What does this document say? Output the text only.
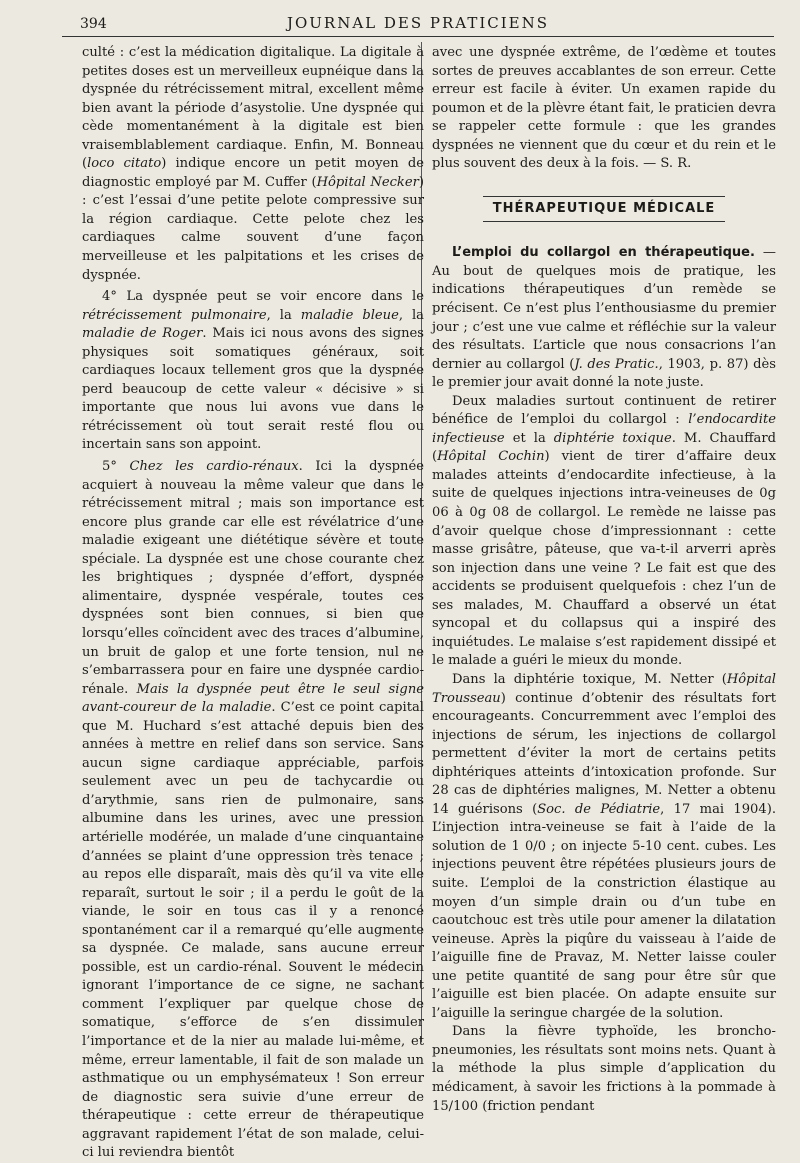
394	JOURNAL DES PRATICIENS

culté : c’est la médication digitalique. La digitale à petites doses est un merveilleux eupnéique dans la dyspnée du rétrécissement mitral, excellent même bien avant la période d’asystolie. Une dyspnée qui cède momentanément à la digitale est bien vraisemblablement cardiaque. Enfin, M. Bonneau (loco citato) indique encore un petit moyen de diagnostic employé par M. Cuffer (Hôpital Necker) : c’est l’essai d’une petite pelote compressive sur la région cardiaque. Cette pelote chez les cardiaques calme souvent d’une façon merveilleuse et les palpitations et les crises de dyspnée.

4° La dyspnée peut se voir encore dans le rétrécissement pulmonaire, la maladie bleue, la maladie de Roger. Mais ici nous avons des signes physiques soit somatiques généraux, soit cardiaques locaux tellement gros que la dyspnée perd beaucoup de cette valeur « décisive » si importante que nous lui avons vue dans le rétrécissement où tout serait resté flou ou incertain sans son appoint.

5° Chez les cardio-rénaux. Ici la dyspnée acquiert à nouveau la même valeur que dans le rétrécissement mitral ; mais son importance est encore plus grande car elle est révélatrice d’une maladie exigeant une diététique sévère et toute spéciale. La dyspnée est une chose courante chez les brightiques ; dyspnée d’effort, dyspnée alimentaire, dyspnée vespérale, toutes ces dyspnées sont bien connues, si bien que lorsqu’elles coïncident avec des traces d’albumine, un bruit de galop et une forte tension, nul ne s’embarrassera pour en faire une dyspnée cardio-rénale. Mais la dyspnée peut être le seul signe avant-coureur de la maladie. C’est ce point capital que M. Huchard s’est attaché depuis bien des années à mettre en relief dans son service. Sans aucun signe cardiaque appréciable, parfois seulement avec un peu de tachycardie ou d’arythmie, sans rien de pulmonaire, sans albumine dans les urines, avec une pression artérielle modérée, un malade d’une cinquantaine d’années se plaint d’une oppression très tenace ; au repos elle disparaît, mais dès qu’il va vite elle reparaît, surtout le soir ; il a perdu le goût de la viande, le soir en tous cas il y a renoncé spontanément car il a remarqué qu’elle augmente sa dyspnée. Ce malade, sans aucune erreur possible, est un cardio-rénal. Souvent le médecin ignorant l’importance de ce signe, ne sachant comment l’expliquer par quelque chose de somatique, s’efforce de s’en dissimuler l’importance et de la nier au malade lui-même, et même, erreur lamentable, il fait de son malade un asthmatique ou un emphysémateux ! Son erreur de diagnostic sera suivie d’une erreur de thérapeutique : cette erreur de thérapeutique aggravant rapidement l’état de son malade, celui-ci lui reviendra bientôt

avec une dyspnée extrême, de l’œdème et toutes sortes de preuves accablantes de son erreur. Cette erreur est facile à éviter. Un examen rapide du poumon et de la plèvre étant fait, le praticien devra se rappeler cette formule : que les grandes dyspnées ne viennent que du cœur et du rein et le plus souvent des deux à la fois. — S. R.

THÉRAPEUTIQUE MÉDICALE

L’emploi du collargol en thérapeutique. — Au bout de quelques mois de pratique, les indications thérapeutiques d’un remède se précisent. Ce n’est plus l’enthousiasme du premier jour ; c’est une vue calme et réfléchie sur la valeur des résultats. L’article que nous consacrions l’an dernier au collargol (J. des Pratic., 1903, p. 87) dès le premier jour avait donné la note juste.

Deux maladies surtout continuent de retirer bénéfice de l’emploi du collargol : l’endocardite infectieuse et la diphtérie toxique. M. Chauffard (Hôpital Cochin) vient de tirer d’affaire deux malades atteints d’endocardite infectieuse, à la suite de quelques injections intra-veineuses de 0g 06 à 0g 08 de collargol. Le remède ne laisse pas d’avoir quelque chose d’impressionnant : cette masse grisâtre, pâteuse, que va-t-il arverri après son injection dans une veine ? Le fait est que des accidents se produisent quelquefois : chez l’un de ses malades, M. Chauffard a observé un état syncopal et du collapsus qui a inspiré des inquiétudes. Le malaise s’est rapidement dissipé et le malade a guéri le mieux du monde.

Dans la diphtérie toxique, M. Netter (Hôpital Trousseau) continue d’obtenir des résultats fort encourageants. Concurremment avec l’emploi des injections de sérum, les injections de collargol permettent d’éviter la mort de certains petits diphtériques atteints d’intoxication profonde. Sur 28 cas de diphtéries malignes, M. Netter a obtenu 14 guérisons (Soc. de Pédiatrie, 17 mai 1904). L’injection intra-veineuse se fait à l’aide de la solution de 1 0/0 ; on injecte 5-10 cent. cubes. Les injections peuvent être répétées plusieurs jours de suite. L’emploi de la constriction élastique au moyen d’un simple drain ou d’un tube en caoutchouc est très utile pour amener la dilatation veineuse. Après la piqûre du vaisseau à l’aide de l’aiguille fine de Pravaz, M. Netter laisse couler une petite quantité de sang pour être sûr que l’aiguille est bien placée. On adapte ensuite sur l’aiguille la seringue chargée de la solution.

Dans la fièvre typhoïde, les broncho-pneumonies, les résultats sont moins nets. Quant à la méthode la plus simple d’application du médicament, à savoir les frictions à la pommade à 15/100 (friction pendant
